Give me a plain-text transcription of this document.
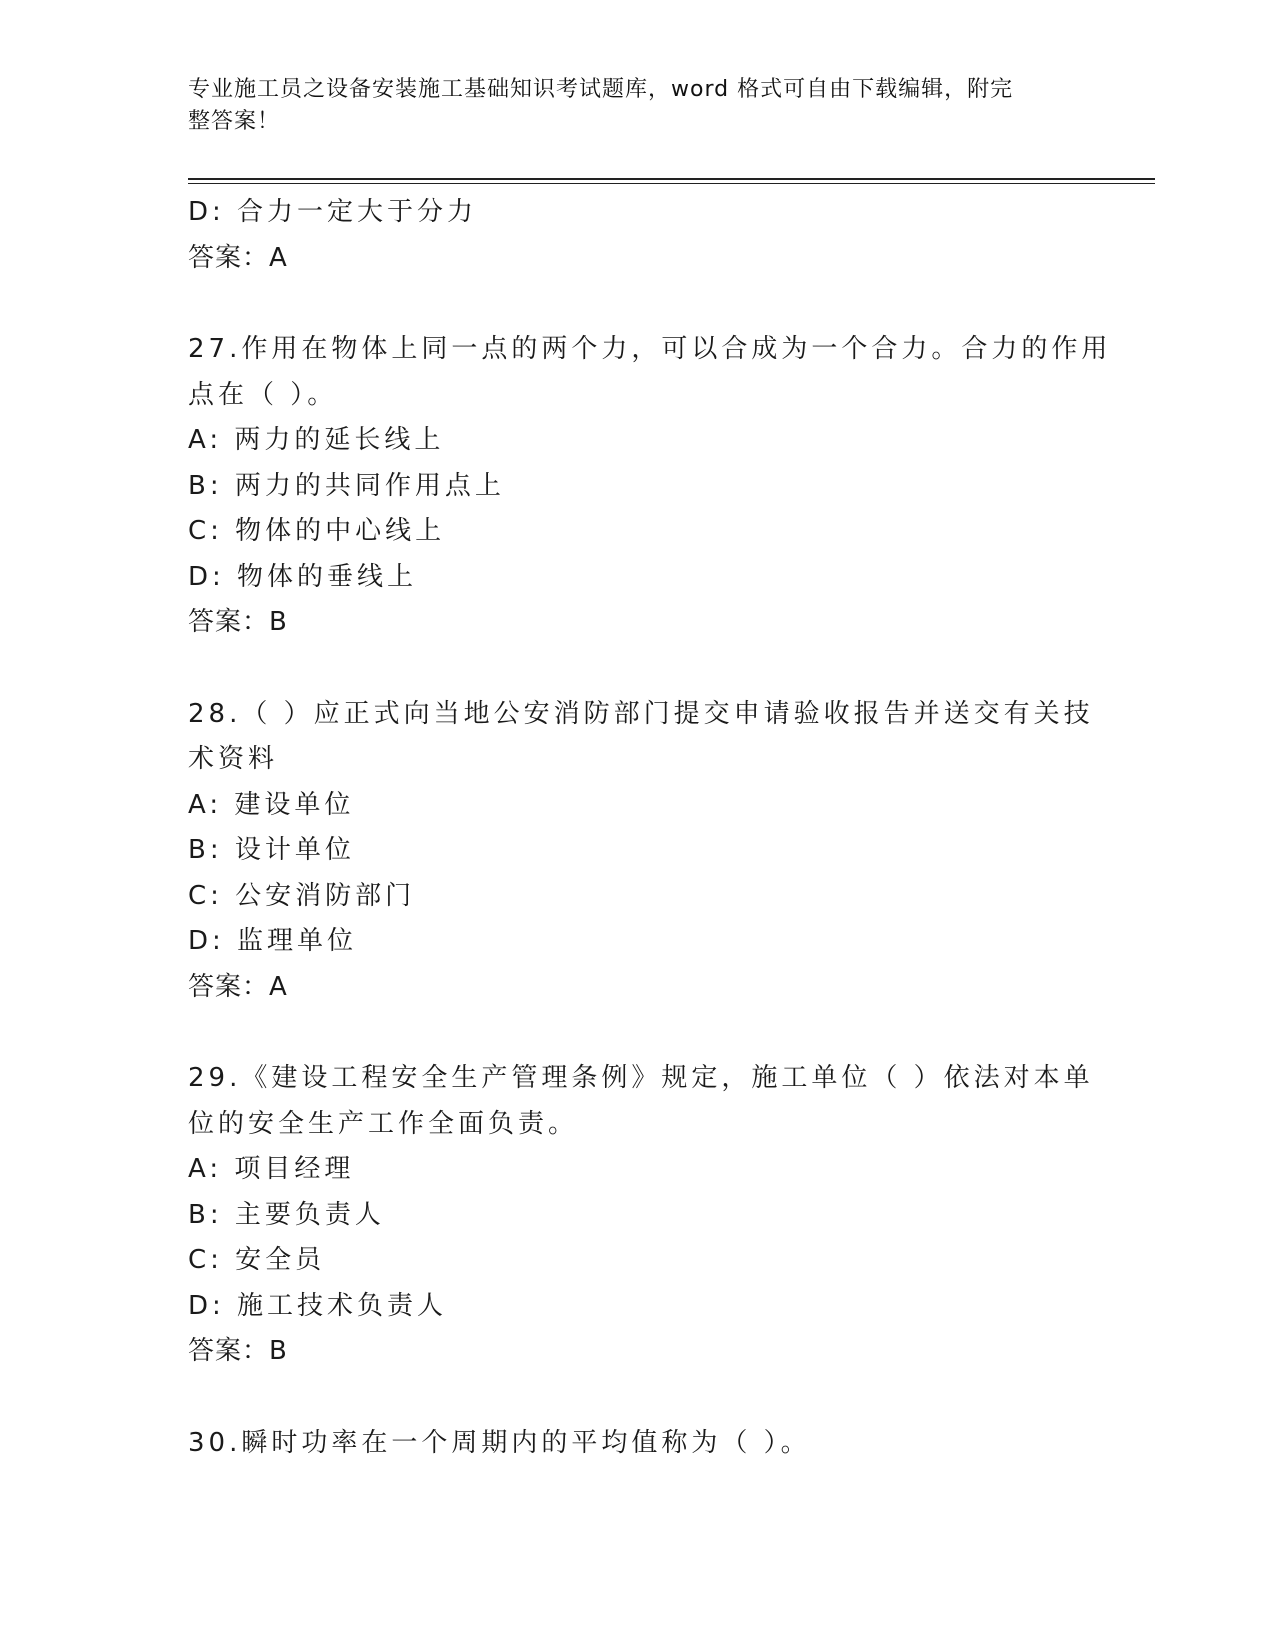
专业施工员之设备安装施工基础知识考试题库，word 格式可自由下载编辑，附完
整答案！
D: 合力一定大于分力
答案：A
27.作用在物体上同一点的两个力，可以合成为一个合力。合力的作用
点在（ ）。
A: 两力的延长线上
B: 两力的共同作用点上
C: 物体的中心线上
D: 物体的垂线上
答案：B
28.（ ）应正式向当地公安消防部门提交申请验收报告并送交有关技
术资料
A: 建设单位
B: 设计单位
C: 公安消防部门
D: 监理单位
答案：A
29.《建设工程安全生产管理条例》规定，施工单位（ ）依法对本单
位的安全生产工作全面负责。
A: 项目经理
B: 主要负责人
C: 安全员
D: 施工技术负责人
答案：B
30.瞬时功率在一个周期内的平均值称为（ ）。
